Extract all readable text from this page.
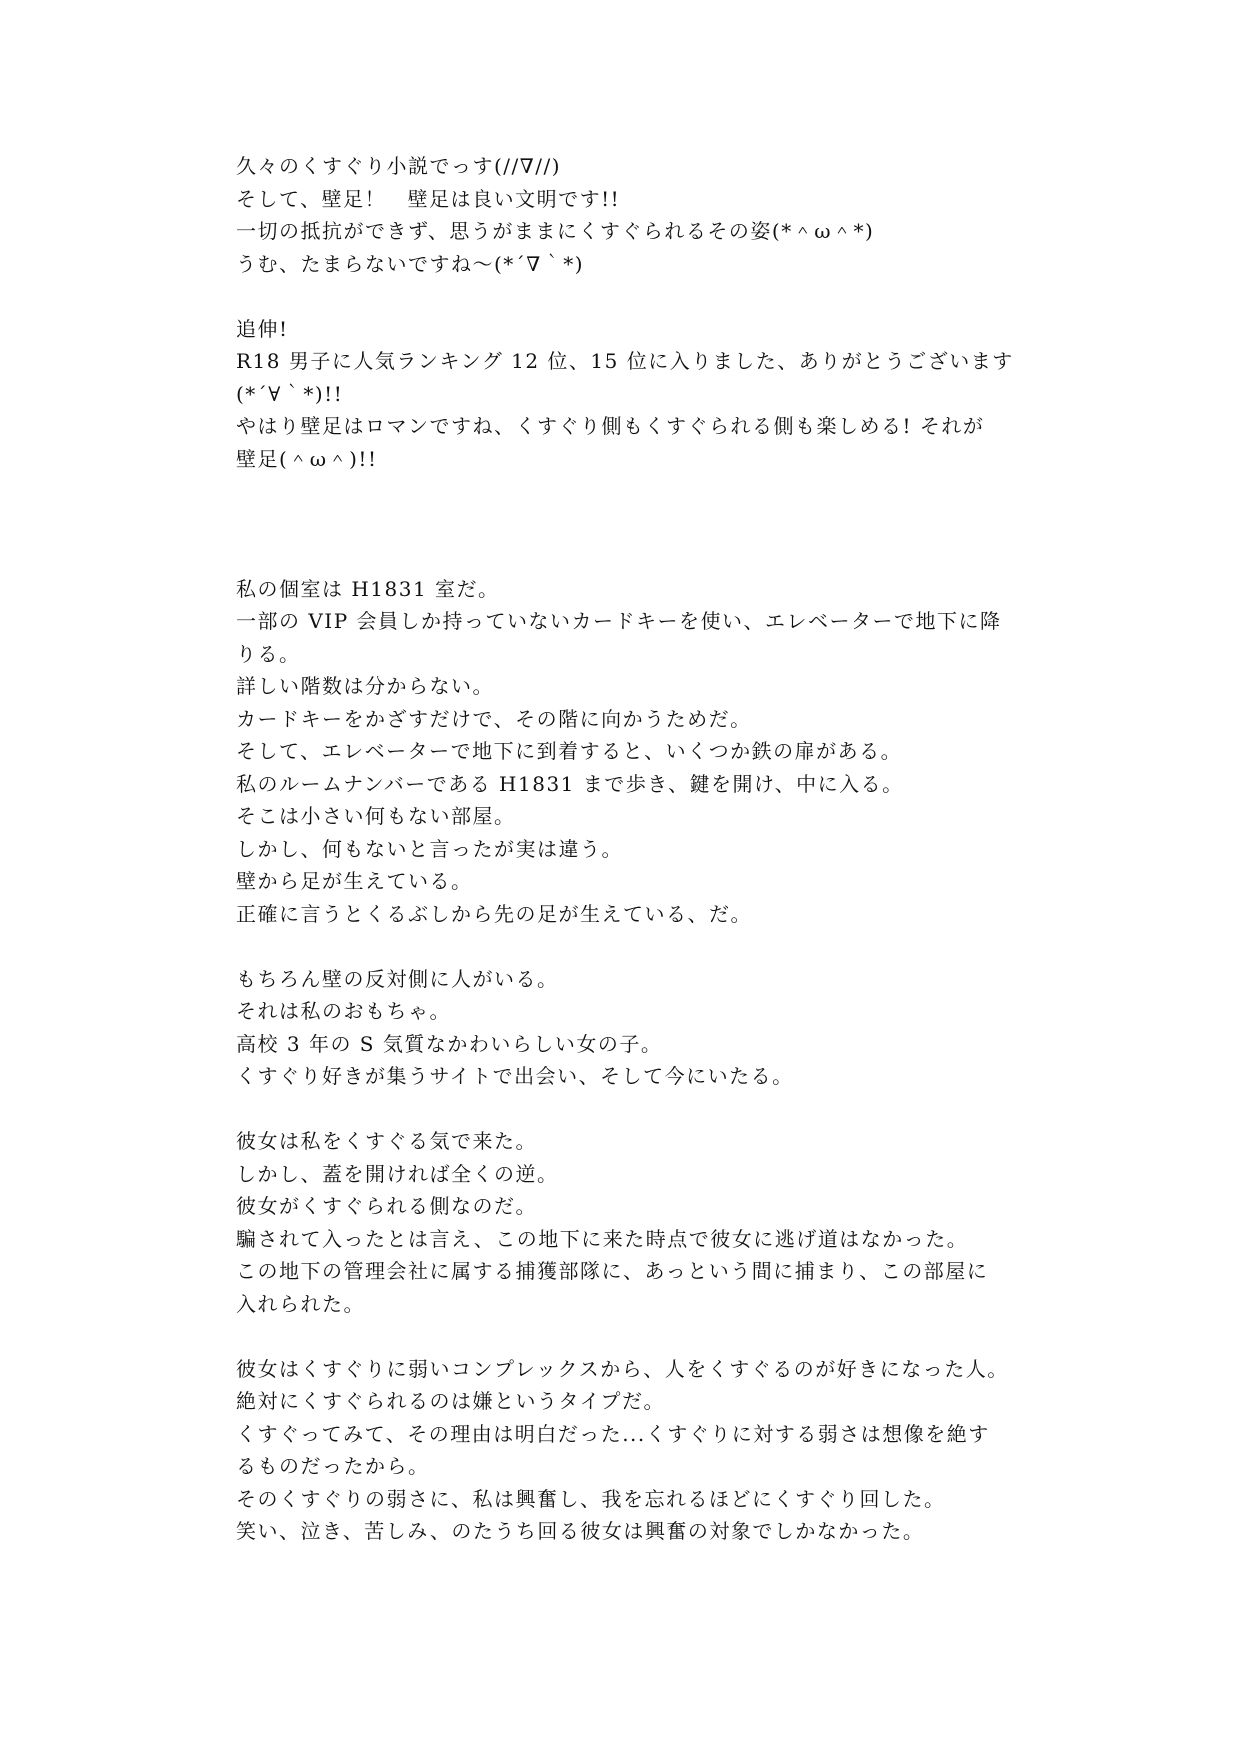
久々のくすぐり小説でっす(//∇//)
そして、壁足！　壁足は良い文明です!!
一切の抵抗ができず、思うがままにくすぐられるその姿(*＾ω＾*)
うむ、たまらないですね～(*´∇｀*)
追伸!
R18 男子に人気ランキング 12 位、15 位に入りました、ありがとうございます
(*´∀｀*)!!
やはり壁足はロマンですね、くすぐり側もくすぐられる側も楽しめる! それが
壁足(＾ω＾)!!
私の個室は H1831 室だ。
一部の VIP 会員しか持っていないカードキーを使い、エレベーターで地下に降
りる。
詳しい階数は分からない。
カードキーをかざすだけで、その階に向かうためだ。
そして、エレベーターで地下に到着すると、いくつか鉄の扉がある。
私のルームナンバーである H1831 まで歩き、鍵を開け、中に入る。
そこは小さい何もない部屋。
しかし、何もないと言ったが実は違う。
壁から足が生えている。
正確に言うとくるぶしから先の足が生えている、だ。
もちろん壁の反対側に人がいる。
それは私のおもちゃ。
高校 3 年の S 気質なかわいらしい女の子。
くすぐり好きが集うサイトで出会い、そして今にいたる。
彼女は私をくすぐる気で来た。
しかし、蓋を開ければ全くの逆。
彼女がくすぐられる側なのだ。
騙されて入ったとは言え、この地下に来た時点で彼女に逃げ道はなかった。
この地下の管理会社に属する捕獲部隊に、あっという間に捕まり、この部屋に
入れられた。
彼女はくすぐりに弱いコンプレックスから、人をくすぐるのが好きになった人。
絶対にくすぐられるのは嫌というタイプだ。
くすぐってみて、その理由は明白だった...くすぐりに対する弱さは想像を絶す
るものだったから。
そのくすぐりの弱さに、私は興奮し、我を忘れるほどにくすぐり回した。
笑い、泣き、苦しみ、のたうち回る彼女は興奮の対象でしかなかった。
